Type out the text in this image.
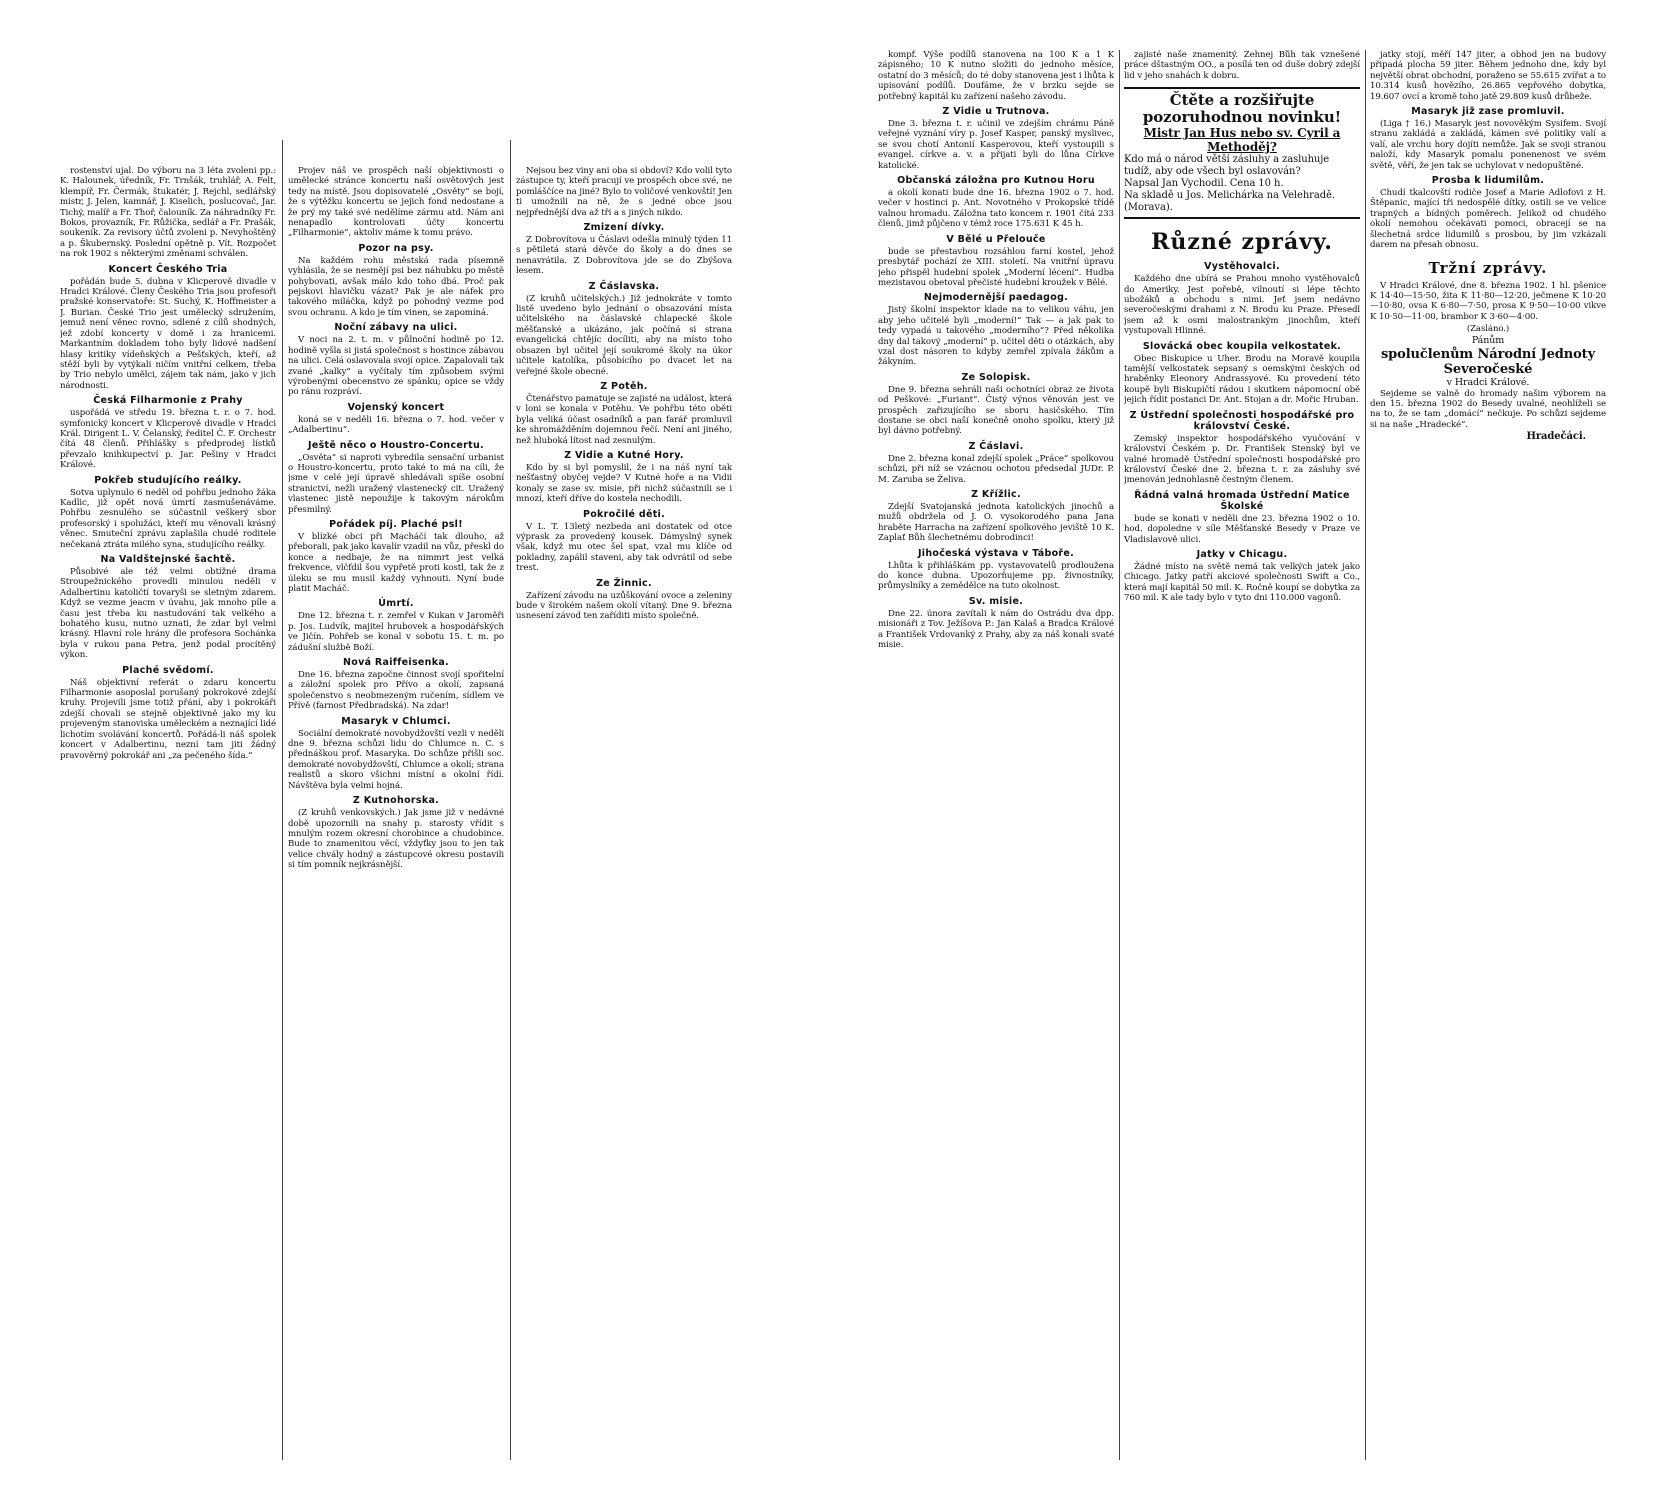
rostenství ujal. Do výboru na 3 léta zvoleni pp.: K. Halounek, úředník, Fr. Trnšák, truhlář, A. Felt, klempíř, Fr. Čermák, štukatér, J. Rejchl, sedlářský mistr, J. Jelen, kamnář, J. Kiselich, poslucovač, Jar. Tichý, malíř a Fr. Thoř, čalouník. Za náhradníky Fr. Bokos, provazník, Fr. Růžička, sedlář a Fr. Prašák, soukeník. Za revisory účtů zvoleni p. Nevyhoštěný a p. Škubernský. Poslední opětně p. Vít. Rozpočet na rok 1902 s některými změnami schválen.

Koncert Českého Tria

pořádán bude 5. dubna v Klicperově divadle v Hradci Králové. Členy Českého Tria jsou profesoři pražské konservatoře: St. Suchý, K. Hoffmeister a J. Burian. České Trio jest umělecký sdružením, jemuž není věnec rovno, sdlené z cílů shodných, jež zdobí koncerty v domě i za hranicemi. Markantním dokladem toho byly lidové nadšení hlasy kritiky vídeňských a Pešťských, kteří, až stěží byli by vytýkali ničím vnitřní celkem, třeba by Trio nebylo umělci, zájem tak nám, jako v jich národnosti.

Česká Filharmonie z Prahy

uspořádá ve středu 19. března t. r. o 7. hod. symfonický koncert v Klicperově divadle v Hradci Král. Dirigent L. V. Čelanský, ředitel Č. F. Orchestr čítá 48 členů. Přihlášky s předprodej lístků převzalo knihkupectví p. Jar. Pešiny v Hradci Králové.

Pokřeb studujícího reálky.

Sotva uplynulo 6 neděl od pohřbu jednoho žáka Kadlic, již opět nová úmrtí zasmušenáváme. Pohřbu zesnulého se súčastnil veškerý sbor profesorský i spolužáci, kteří mu věnovali krásný věnec. Smuteční zprávu zaplašila chudé roditele nečekaná ztráta milého syna, studujícího reálky.

Na Valdštejnské šachtě.

Působivé ale též velmi obtížné drama Stroupežnického provedli minulou neděli v Adalbertinu katoličtí tovaryši se sletným zdarem. Když se vezme jeacm v úvahu, jak mnoho píle a času jest třeba ku nastudování tak velkého a bohatého kusu, nutno uznati, že zdar byl velmi krásný. Hlavní role hrány dle profesora Sochánka byla v rukou pana Petra, jenž podal procítěný výkon.

Plaché svědomí.

Náš objektivní referát o zdaru koncertu Filharmonie asoposlal porušaný pokrokové zdejší kruhy. Projevili jsme totiž přání, aby i pokrokáři zdejší chovali se stejně objektivně jako my ku projeveným stanoviska uměleckém a neznající lidé lichotím svolávání koncertů. Pořádá-li náš spolek koncert v Adalbertinu, nezní tam jiti žádný pravověrný pokrokář ani „za pečeného šída.“

Projev náš ve prospěch naší objektivnosti o umělecké stránce koncertu naší osvětových jest tedy na místě. Jsou dopisovatelé „Osvěty“ se bojí, že s výtěžku koncertu se jejich fond nedostane a že prý my také své nedělíme zármu atd. Nám ani nenapadlo kontrolovati účty koncertu „Filharmonie“, aktoliv máme k tomu právo.

Pozor na psy.

Na každém rohu městská rada písemně vyhlásila, že se nesmějí psi bez náhubku po městě pohybovati, avšak málo kdo toho dbá. Proč pak pejskovi hlavičku vázat? Pak je ale náfek pro takového miláčka, když po pohodný vezme pod svou ochranu. A kdo je tím vinen, se zapomíná.

Noční zábavy na ulici.

V noci na 2. t. m. v půlnoční hodině po 12. hodině vyšla si jistá společnost s hostince zábavou na ulici. Celá oslavovala svojí opice. Zapalovali tak zvané „kalky“ a vyčítaly tím způsobem svými výrobenými obecenstvo ze spánku; opice se vždy po ránu rozpráví.

Vojenský koncert

koná se v neděli 16. března o 7. hod. večer v „Adalbertinu“.

Ještě něco o Houstro-Concertu.

„Osvěta“ si naproti vybredila sensační urbanist o Houstro-koncertu, proto také to má na cíli, že jsme v celé její úpravě shledávali spíše osobní stranictví, nežli uražený vlastenecký cit. Uražený vlastenec jistě nepoužije k takovým nárokům přesmilný.

Pořádek píj. Plaché psl!

V blízké obci při Macháčí tak dlouho, až přeborali, pak jako kavalír vzadil na vůz, přeskl do konce a nedbaje, že na nimmrt jest velká frekvence, vlčfdil šou vypřetě proti kostl, tak že z úleku se mu musil každý vyhnouti. Nyní bude platit Macháč.

Úmrtí.

Dne 12. března t. r. zemřel v Kukan v Jaroměři p. Jos. Ludvík, majitel hrubovek a hospodářských ve Jičín. Pohřeb se konal v sobotu 15. t. m. po zádušní službě Boží.

Nová Raiffeisenka.

Dne 16. března započne činnost svojí spořitelní a záložní spolek pro Přívo a okolí, zapsaná společenstvo s neobmezeným ručením, sídlem ve Přívě (farnost Předbradská). Na zdar!

Masaryk v Chlumci.

Sociální demokraté novobydžovští vezli v neděli dne 9. března schůzi lidu do Chlumce n. C. s přednáškou prof. Masaryka. Do schůze přišli soc. demokraté novobydžovští, Chlumce a okolí; strana realistů a skoro všichni místní a okolní řídí. Návštěva byla velmi hojná.

Z Kutnohorska.

(Z kruhů venkovských.) Jak jsme již v nedávné době upozornili na snahy p. starosty vřídit s mnulým rozem okresní chorobince a chudobince. Bude to znamenitou věcí, vždyťky jsou to jen tak velice chvály hodný a zástupcové okresu postavili si tím pomník nejkrásnější.

Nejsou bez viny ani oba si obdoví? Kdo volil tyto zástupce ty, kteří pracují ve prospěch obce své, ne pomláščíce na jiné? Bylo to voličové venkovští! Jen ti umožnili na ně, že s jedné obce jsou nejpřednější dva až tři a s jiných nikdo.

Zmizení dívky.

Z Dobrovítova u Čáslavi odešla minulý týden 11 s pětiletá stará děvče do školy a do dnes se nenavrátila. Z Dobrovítova jde se do Zbýšova lesem.

Z Čáslavska.

(Z kruhů učitelských.) Již jednokráte v tomto listě uvedeno bylo jednání o obsazování místa učitelského na čáslavské chlapecké škole měšťanské a ukázáno, jak počíná si strana evangelická chtějíc docíliti, aby na místo toho obsazen byl učitel její soukromé školy na úkor učitele katolíka, působícího po dvacet let na veřejné škole obecné.

Z Potěh.

Čtenářstvo pamatuje se zajisté na událost, která v loni se konala v Potěhu. Ve pohřbu této oběti byla veliká účast osadníků a pan farář promluvil ke shromážděním dojemnou řečí. Není ani jiného, než hluboká lítost nad zesnulým.

Z Vidie a Kutné Hory.

Kdo by si byl pomyslil, že i na náš nyní tak nešťastný obyčej vejde? V Kutné hoře a na Vidii konaly se zase sv. misie, při nichž súčastnili se i mnozí, kteří dříve do kostela nechodili.

Pokročilé děti.

V L. T. 13letý nezbeda ani dostatek od otce výprask za provedený kousek. Dámyslný synek však, když mu otec šel spat, vzal mu klíče od pokladny, zapálil staveni, aby tak odvrátil od sebe trest.

Ze Žinnic.

Zařízení závodu na uzůškování ovoce a zeleniny bude v širokém našem okolí vítaný. Dne 9. března usnesení závod ten zaříditi místo společně.

kompf. Výše podílů stanovena na 100 K a 1 K zápisného; 10 K nutno složiti do jednoho měsíce, ostatní do 3 měsíců; do té doby stanovena jest i lhůta k upisování podílů. Doufáme, že v brzku sejde se potřebný kapitál ku zařízení našeho závodu.

Z Vidie u Trutnova.

Dne 3. března t. r. učinil ve zdejším chrámu Páně veřejné vyznání víry p. Josef Kasper, panský myslivec, se svou chotí Antonií Kasperovou, kteří vystoupili s evangel. církve a. v. a přijati byli do lůna Církve katolické.

Občanská záložna pro Kutnou Horu

a okolí konati bude dne 16. března 1902 o 7. hod. večer v hostinci p. Ant. Novotného v Prokopské třídě valnou hromadu. Záložna tato koncem r. 1901 čítá 233 členů, jimž půjčeno v témž roce 175.631 K 45 h.

V Bělé u Přelouče

bude se přestavbou rozsáhlou farní kostel, jehož presbytář pochází ze XIII. století. Na vnitřní úpravu jeho přispěl hudební spolek „Moderní lécení“. Hudba mezistavou obetoval přečisté hudební kroužek v Bělé.

Nejmodernější paedagog.

Jistý školní inspektor klade na to velikou váhu, jen aby jeho učitelé byli „moderní!“ Tak — a jak pak to tedy vypadá u takového „moderního“? Před několika dny dal takový „moderní“ p. učitel děti o otázkách, aby vzal dost násoren to kdyby zemřel zpívala žákům a žákyním.

Ze Solopisk.

Dne 9. března sehráli naši ochotníci obraz ze života od Peškové: „Furiant“. Čistý výnos věnován jest ve prospěch zařizujícího se sboru hasičského. Tím dostane se obci naší konečně onoho spolku, který již byl dávno potřebný.

Z Čáslavi.

Dne 2. března konal zdejší spolek „Práce“ spolkovou schůzi, při níž se vzácnou ochotou předsedal JUDr. P. M. Zaruba se Želiva.

Z Křížlic.

Zdejší Svatojanská jednota katolických jinochů a mužů obdržela od J. O. vysokorodého pana Jana hraběte Harracha na zařízení spolkového jeviště 10 K. Zaplať Bůh šlechetnému dobrodinci!

Jihočeská výstava v Táboře.

Lhůta k přihláškám pp. vystavovatelů prodloužena do konce dubna. Upozorňujeme pp. živnostníky, průmyslníky a zemědělce na tuto okolnost.

Sv. misie.

Dne 22. února zavítali k nám do Ostrádu dva dpp. misionáři z Tov. Ježíšova P.: Jan Kalaš a Bradca Králové a František Vrdovanký z Prahy, aby za náš konali svaté misie.

zajisté naše znamenitý. Žehnej Bůh tak vznešené práce dštastným OO., a posílá ten od duše dobrý zdejší lid v jeho snahách k dobru.

Čtěte a rozšiřujte pozoruhodnou novinku!
Mistr Jan Hus nebo sv. Cyril a Methoděj?
Kdo má o národ větší zásluhy a zasluhuje tudíž, aby ode všech byl oslavován?
Napsal Jan Vychodil. Cena 10 h.
Na skladě u Jos. Melichárka na Velehradě. (Morava).
Různé zprávy.
Vystěhovalci.

Každého dne ubírá se Prahou mnoho vystěhovalců do Ameriky. Jest pořebě, vilnoutí si lépe těchto ubožáků a obchodu s nimi. Jeť jsem nedávno severočeskými drahami z N. Brodu ku Praze. Přesedl jsem až k osmi malostrankým jinochům, kteří vystupovali Hlinné.

Slovácká obec koupila velkostatek.

Obec Biskupice u Uher. Brodu na Moravě koupila tamější velkostatek sepsaný s oemskými českých od hraběnky Eleonory Andrassyové. Ku provedení této koupě byli Biskupičtí rádou i skutkem nápomocní obě jejich řídit postanci Dr. Ant. Stojan a dr. Mořic Hruban.

Z Ústřední společnosti hospodářské pro království České.

Zemský inspektor hospodářského vyučování v království Českém p. Dr. František Stenský byl ve valné hromadě Ústřední společnosti hospodářské pro království České dne 2. března t. r. za zásluhy své jmenován jednohlasně čestným členem.

Řádná valná hromada Ústřední Matice Školské

bude se konati v neděli dne 23. března 1902 o 10. hod. dopoledne v síle Měšťanské Besedy v Praze ve Vladislavově ulici.

Jatky v Chicagu.

Žádné místo na světě nemá tak velkých jatek jako Chicago. Jatky patří akciové společnosti Swift a Co., která mají kapitál 50 mil. K. Ročně koupí se dobytka za 760 mil. K ale tady bylo v tyto dni 110.000 vagonů.

jatky stojí, měří 147 jiter, a obhod jen na budovy připadá plocha 59 jiter. Během jednoho dne, kdy byl největší obrat obchodní, poraženo se 55.615 zvířat a to 10.314 kusů hovězího, 26.865 vepřového dobytka, 19.607 ovcí a kromě toho jatě 29.809 kusů drůbeže.

Masaryk již zase promluvil.

(Liga † 16.) Masaryk jest novověkým Sysifem. Svojí stranu zakládá a zakládá, kámen své politiky valí a valí, ale vrchu hory dojíti nemůže. Jak se svoji stranou naloží, kdy Masaryk pomalu ponenenost ve svém světě, věří, že jen tak se uchylovat v nedopuštěné.

Prosba k lidumilům.

Chudí tkalcovští rodiče Josef a Marie Adlofovi z H. Štěpanic, mající tři nedospělé dítky, ostili se ve velice trapných a bídných poměrech. Jelikož od chudého okolí nemohou očekávati pomoci, obracejí se na šlechetná srdce lidumilů s prosbou, by jim vzkázali darem na přesah obnosu.

Tržní zprávy.

V Hradci Králové, dne 8. března 1902. 1 hl. pšenice K 14·40—15·50, žita K 11·80—12·20, ječmene K 10·20—10·80, ovsa K 6·80—7·50, prosa K 9·50—10·00 vikve K 10·50—11·00, brambor K 3·60—4·00.

(Zasláno.)
Pánům
spolučlenům Národní Jednoty Severočeské
v Hradci Králové.

Sejdeme se valně do hromady našim výborem na den 15. března 1902 do Besedy uvalné, neohlíželi se na to, že se tam „domácí“ nečkuje. Po schůzi sejdeme si na naše „Hradecké“.

Hradečáci.
